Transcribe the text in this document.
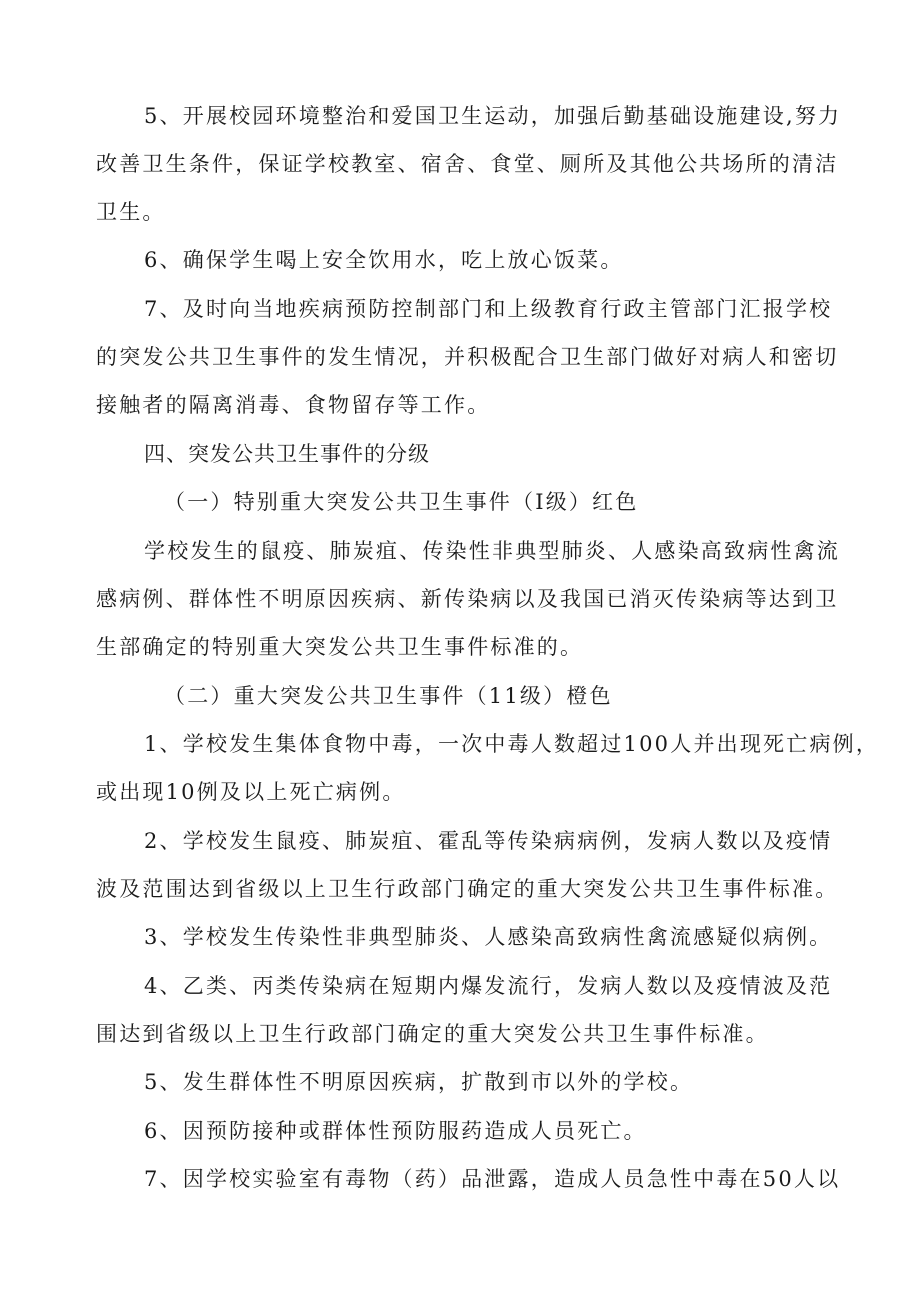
5、开展校园环境整治和爱国卫生运动，加强后勤基础设施建设,努力
改善卫生条件，保证学校教室、宿舍、食堂、厕所及其他公共场所的清洁
卫生。
6、确保学生喝上安全饮用水，吃上放心饭菜。
7、及时向当地疾病预防控制部门和上级教育行政主管部门汇报学校
的突发公共卫生事件的发生情况，并积极配合卫生部门做好对病人和密切
接触者的隔离消毒、食物留存等工作。
四、突发公共卫生事件的分级
（一）特别重大突发公共卫生事件（I级）红色
学校发生的鼠疫、肺炭疽、传染性非典型肺炎、人感染高致病性禽流
感病例、群体性不明原因疾病、新传染病以及我国已消灭传染病等达到卫
生部确定的特别重大突发公共卫生事件标准的。
（二）重大突发公共卫生事件（11级）橙色
1、学校发生集体食物中毒，一次中毒人数超过100人并出现死亡病例，
或出现10例及以上死亡病例。
2、学校发生鼠疫、肺炭疽、霍乱等传染病病例，发病人数以及疫情
波及范围达到省级以上卫生行政部门确定的重大突发公共卫生事件标准。
3、学校发生传染性非典型肺炎、人感染高致病性禽流感疑似病例。
4、乙类、丙类传染病在短期内爆发流行，发病人数以及疫情波及范
围达到省级以上卫生行政部门确定的重大突发公共卫生事件标准。
5、发生群体性不明原因疾病，扩散到市以外的学校。
6、因预防接种或群体性预防服药造成人员死亡。
7、因学校实验室有毒物（药）品泄露，造成人员急性中毒在50人以
